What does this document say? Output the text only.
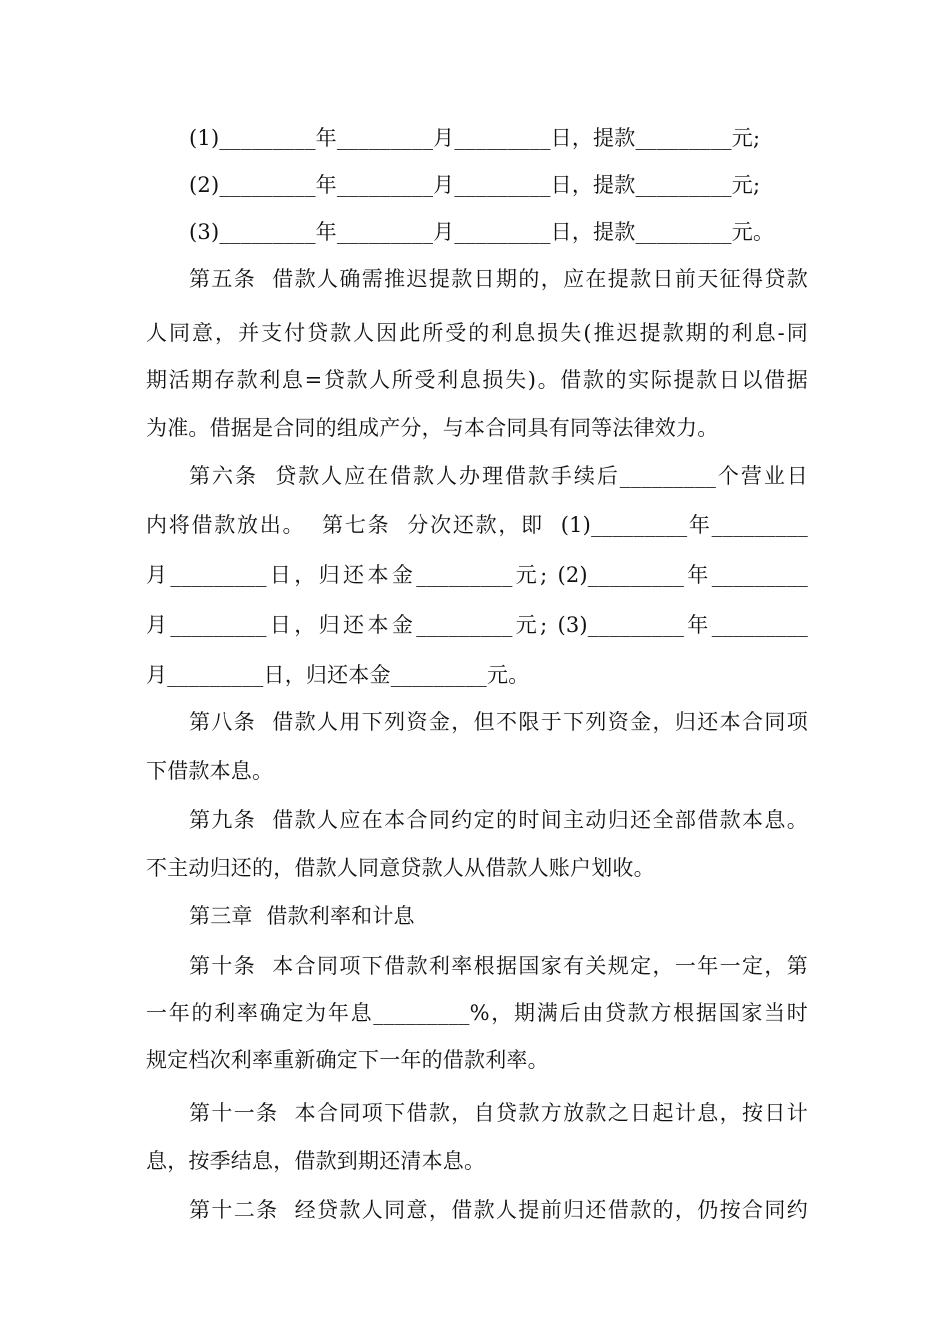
(1)_________年_________月_________日，提款_________元;
(2)_________年_________月_________日，提款_________元;
(3)_________年_________月_________日，提款_________元。
第五条  借款人确需推迟提款日期的，应在提款日前天征得贷款
人同意，并支付贷款人因此所受的利息损失(推迟提款期的利息-同
期活期存款利息=贷款人所受利息损失)。借款的实际提款日以借据
为准。借据是合同的组成产分，与本合同具有同等法律效力。
第六条  贷款人应在借款人办理借款手续后_________个营业日
内将借款放出。  第七条  分次还款，即  (1)_________年_________
月_________日，归还本金_________元; (2)_________年_________
月_________日，归还本金_________元; (3)_________年_________
月_________日，归还本金_________元。
第八条  借款人用下列资金，但不限于下列资金，归还本合同项
下借款本息。
第九条  借款人应在本合同约定的时间主动归还全部借款本息。
不主动归还的，借款人同意贷款人从借款人账户划收。
第三章  借款利率和计息
第十条  本合同项下借款利率根据国家有关规定，一年一定，第
一年的利率确定为年息_________%，期满后由贷款方根据国家当时
规定档次利率重新确定下一年的借款利率。
第十一条  本合同项下借款，自贷款方放款之日起计息，按日计
息，按季结息，借款到期还清本息。
第十二条  经贷款人同意，借款人提前归还借款的，仍按合同约
